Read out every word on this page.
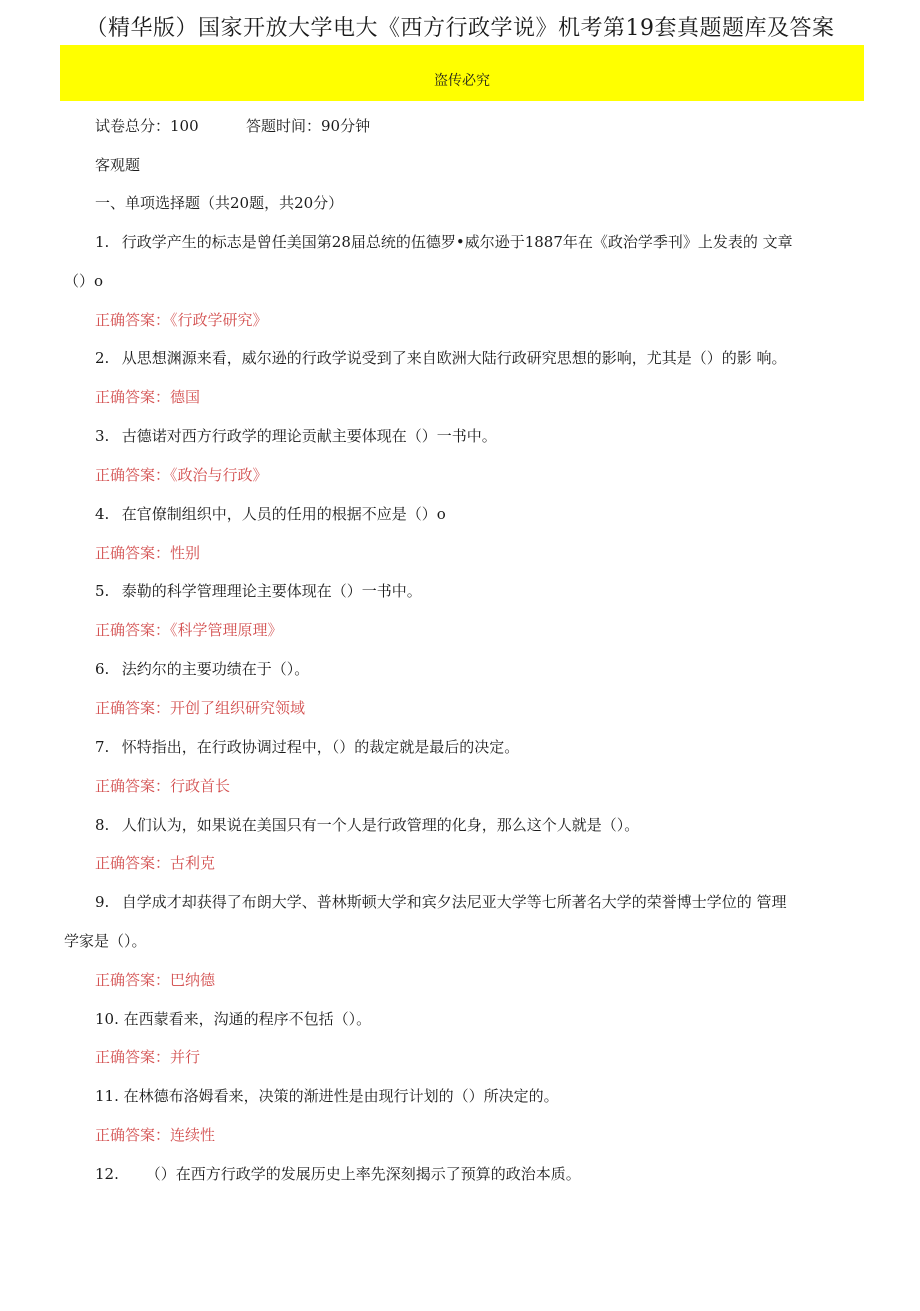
（精华版）国家开放大学电大《西方行政学说》机考第19套真题题库及答案
盗传必究
试卷总分：100	答题时间：90分钟
客观题
一、单项选择题（共20题，共20分）
1. 行政学产生的标志是曾任美国第28届总统的伍德罗•威尔逊于1887年在《政治学季刊》上发表的 文章
（）o
正确答案：《行政学研究》
2. 从思想渊源来看，威尔逊的行政学说受到了来自欧洲大陆行政研究思想的影响，尤其是（）的影 响。
正确答案：德国
3. 古德诺对西方行政学的理论贡献主要体现在（）一书中。
正确答案：《政治与行政》
4. 在官僚制组织中，人员的任用的根据不应是（）o
正确答案：性别
5. 泰勒的科学管理理论主要体现在（）一书中。
正确答案：《科学管理原理》
6. 法约尔的主要功绩在于（）。
正确答案：开创了组织研究领域
7. 怀特指出，在行政协调过程中，（）的裁定就是最后的决定。
正确答案：行政首长
8. 人们认为，如果说在美国只有一个人是行政管理的化身，那么这个人就是（）。
正确答案：古利克
9. 自学成才却获得了布朗大学、普林斯顿大学和宾夕法尼亚大学等七所著名大学的荣誉博士学位的 管理
学家是（）。
正确答案：巴纳德
10. 在西蒙看来，沟通的程序不包括（）。
正确答案：并行
11. 在林德布洛姆看来，决策的渐进性是由现行计划的（）所决定的。
正确答案：连续性
12. （）在西方行政学的发展历史上率先深刻揭示了预算的政治本质。
